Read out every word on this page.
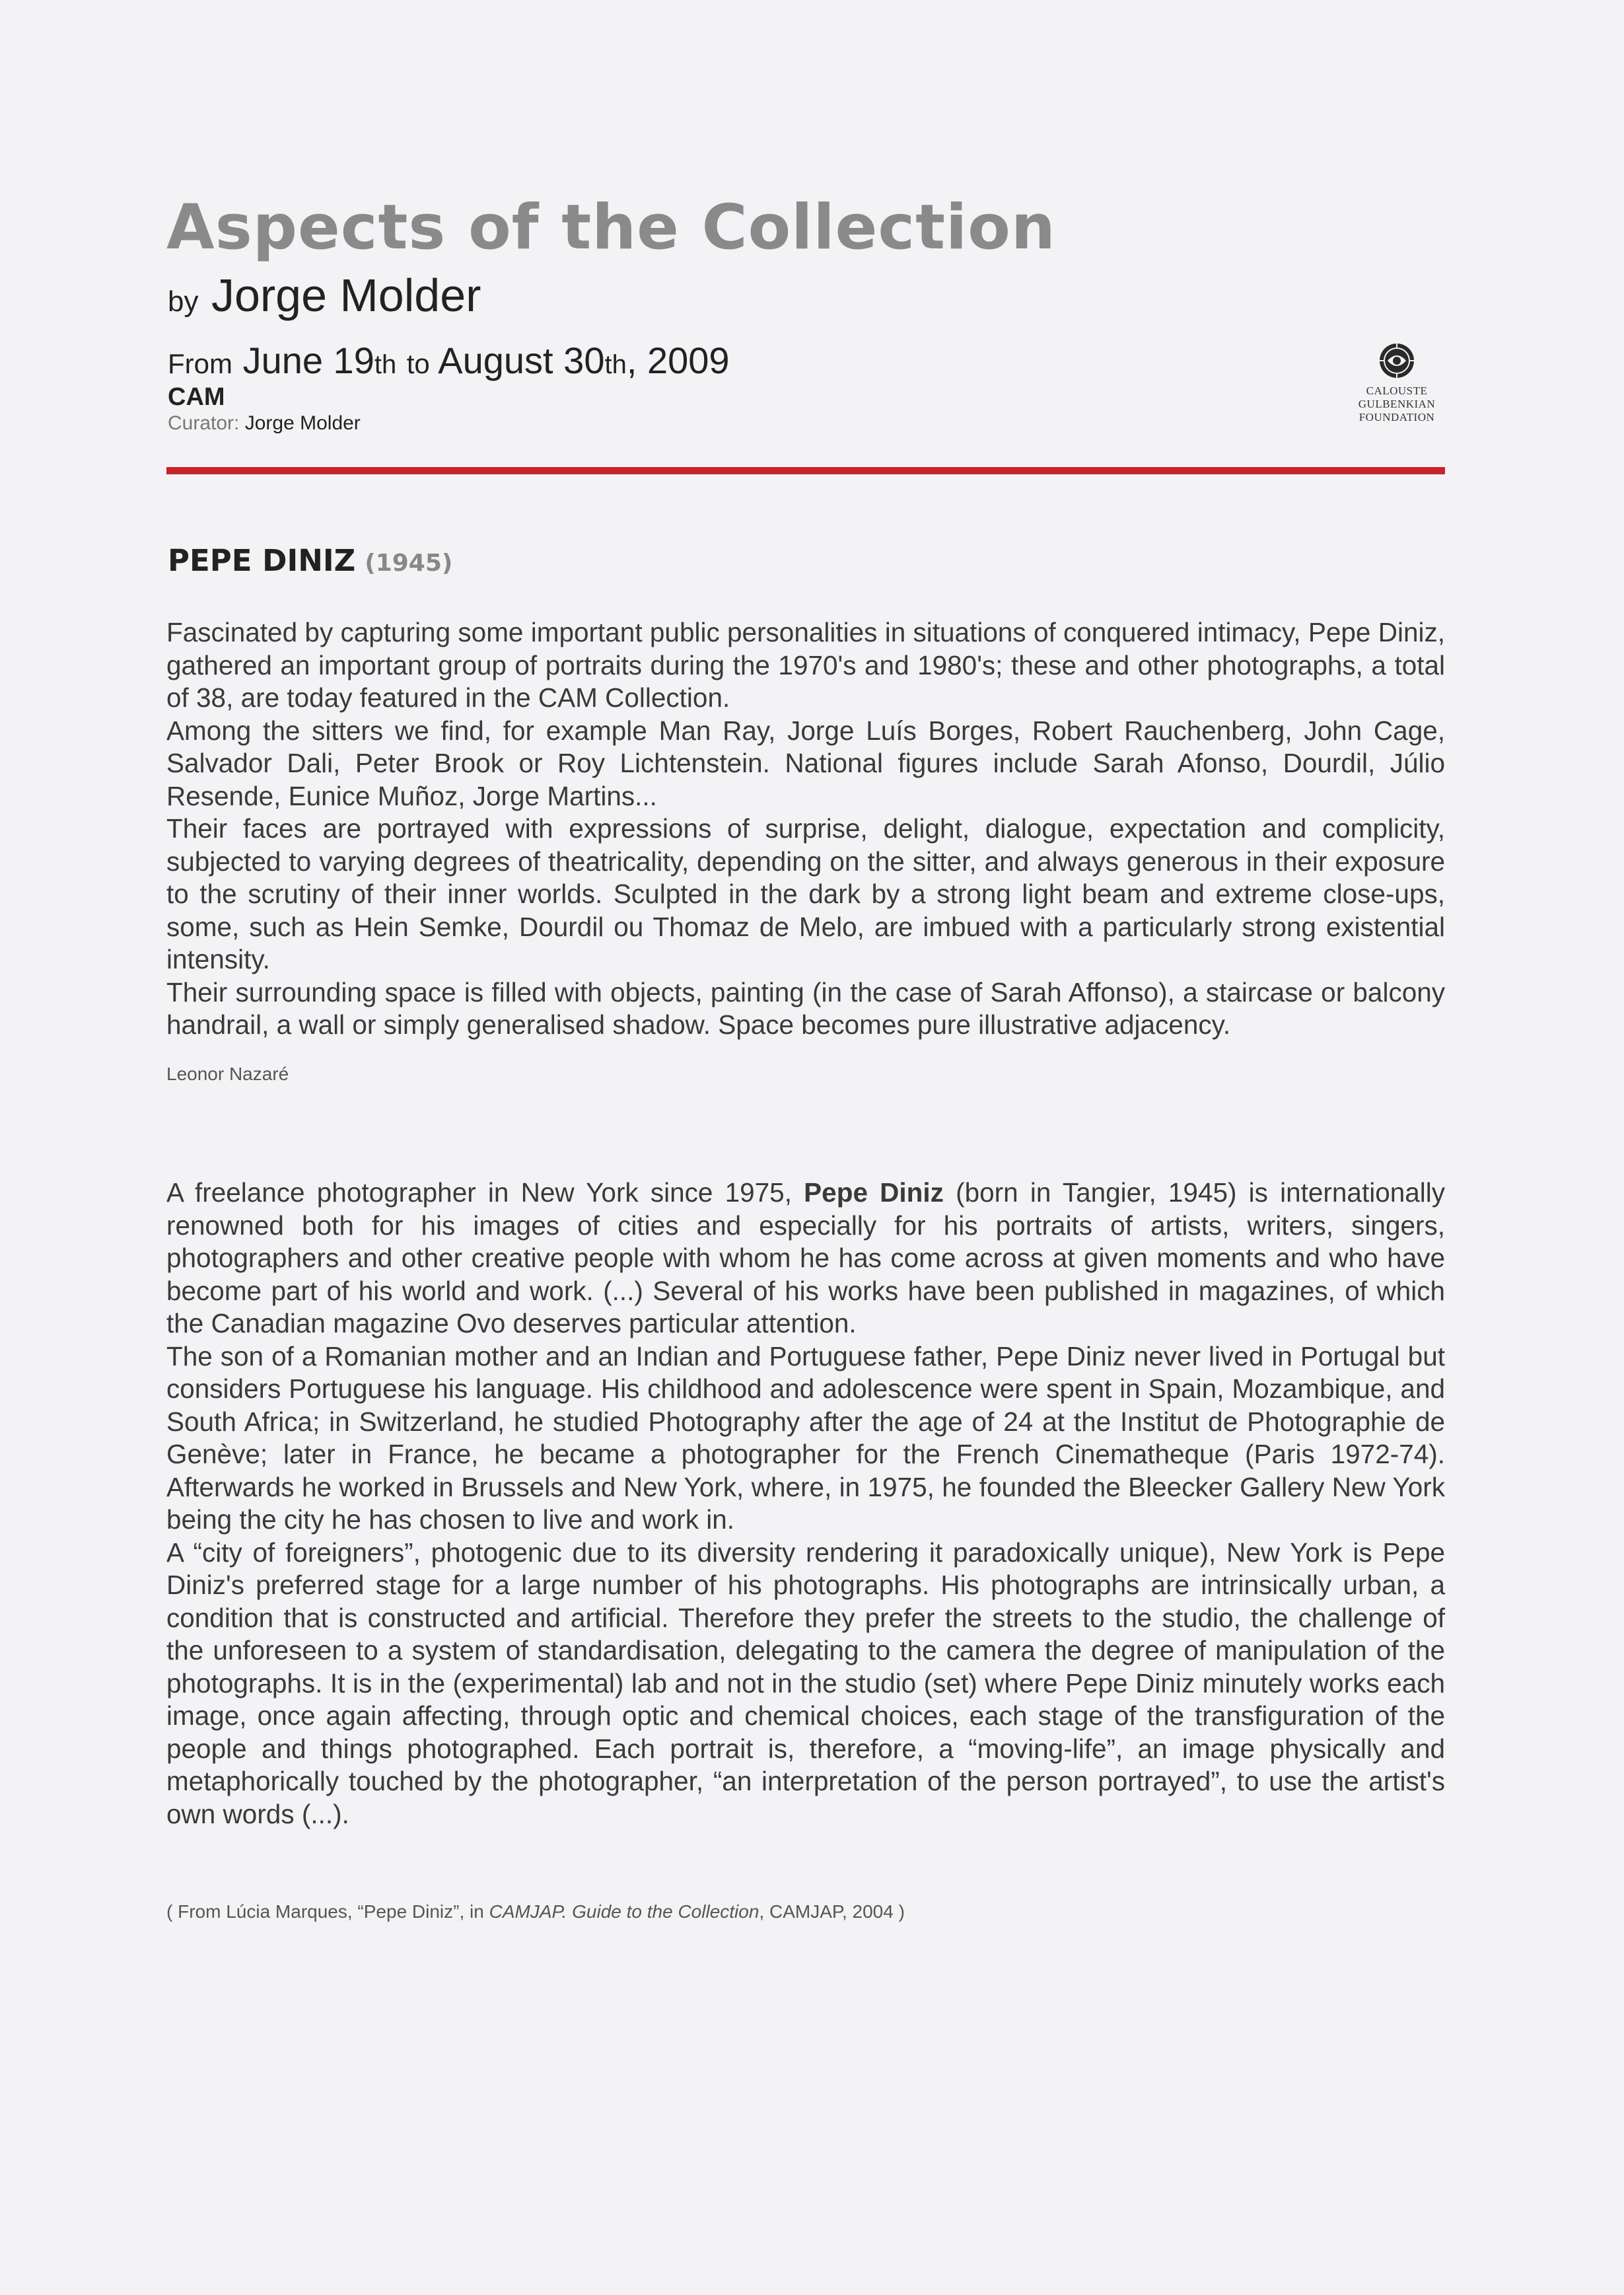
Aspects of the Collection
by Jorge Molder
From June 19th to August 30th, 2009
CAM
Curator: Jorge Molder
CALOUSTE
GULBENKIAN
FOUNDATION
PEPE DINIZ (1945)

Fascinated by capturing some important public personalities in situations of conquered intimacy, Pepe Diniz, gathered an important group of portraits during the 1970's and 1980's; these and other photographs, a total of 38, are today featured in the CAM Collection.

Among the sitters we find, for example Man Ray, Jorge Luís Borges, Robert Rauchenberg, John Cage, Salvador Dali, Peter Brook or Roy Lichtenstein. National figures include Sarah Afonso, Dourdil, Júlio Resende, Eunice Muñoz, Jorge Martins...

Their faces are portrayed with expressions of surprise, delight, dialogue, expectation and complicity, subjected to varying degrees of theatricality, depending on the sitter, and always generous in their exposure to the scrutiny of their inner worlds. Sculpted in the dark by a strong light beam and extreme close-ups, some, such as Hein Semke, Dourdil ou Thomaz de Melo, are imbued with a particularly strong existential intensity.

Their surrounding space is filled with objects, painting (in the case of Sarah Affonso), a staircase or balcony handrail, a wall or simply generalised shadow. Space becomes pure illustrative adjacency.

Leonor Nazaré

A freelance photographer in New York since 1975, Pepe Diniz (born in Tangier, 1945) is internationally renowned both for his images of cities and especially for his portraits of artists, writers, singers, photographers and other creative people with whom he has come across at given moments and who have become part of his world and work. (...) Several of his works have been published in magazines, of which the Canadian magazine Ovo deserves particular attention.

The son of a Romanian mother and an Indian and Portuguese father, Pepe Diniz never lived in Portugal but considers Portuguese his language. His childhood and adolescence were spent in Spain, Mozambique, and South Africa; in Switzerland, he studied Photography after the age of 24 at the Institut de Photographie de Genève; later in France, he became a photographer for the French Cinematheque (Paris 1972-74). Afterwards he worked in Brussels and New York, where, in 1975, he founded the Bleecker Gallery New York being the city he has chosen to live and work in.

A “city of foreigners”, photogenic due to its diversity rendering it paradoxically unique), New York is Pepe Diniz's preferred stage for a large number of his photographs. His photographs are intrinsically urban, a condition that is constructed and artificial. Therefore they prefer the streets to the studio, the challenge of the unforeseen to a system of standardisation, delegating to the camera the degree of manipulation of the photographs. It is in the (experimental) lab and not in the studio (set) where Pepe Diniz minutely works each image, once again affecting, through optic and chemical choices, each stage of the transfiguration of the people and things photographed. Each portrait is, therefore, a “moving-life”, an image physically and metaphorically touched by the photographer, “an interpretation of the person portrayed”, to use the artist's own words (...).

( From Lúcia Marques, “Pepe Diniz”, in CAMJAP. Guide to the Collection, CAMJAP, 2004 )
